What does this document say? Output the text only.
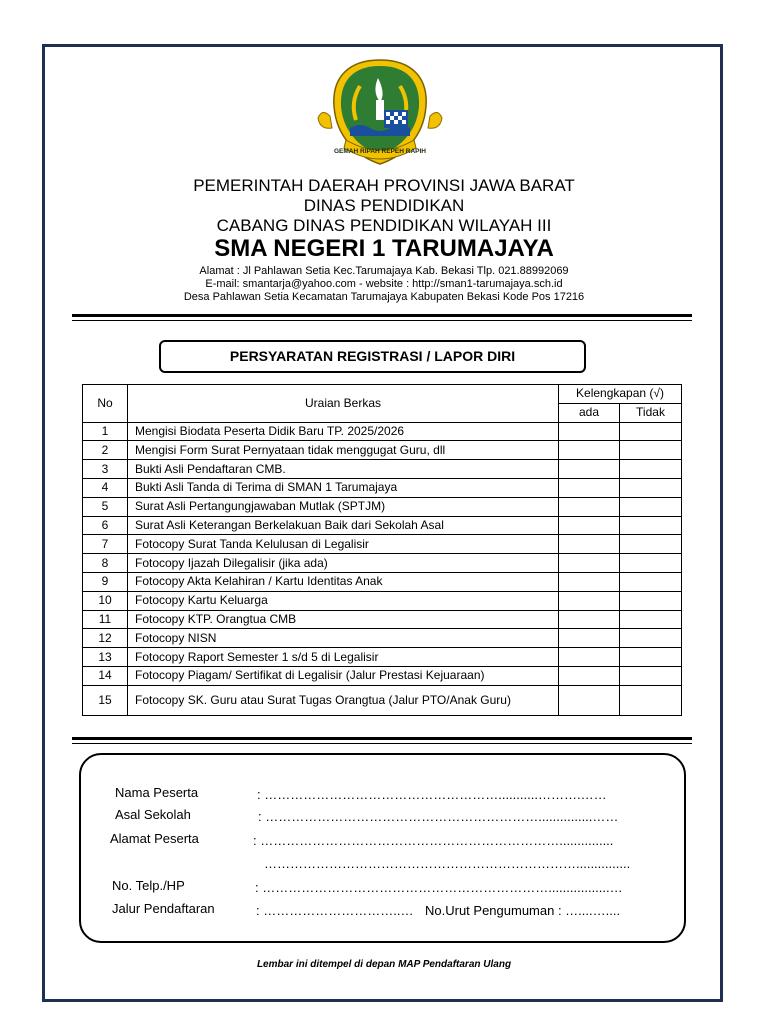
GEMAH RIPAH REPEH RAPIH
PEMERINTAH DAERAH PROVINSI JAWA BARAT
DINAS PENDIDIKAN
CABANG DINAS PENDIDIKAN WILAYAH III
SMA NEGERI 1 TARUMAJAYA
Alamat : Jl Pahlawan Setia Kec.Tarumajaya Kab. Bekasi Tlp. 021.88992069
E-mail: smantarja@yahoo.com - website : http://sman1-tarumajaya.sch.id
Desa Pahlawan Setia Kecamatan Tarumajaya Kabupaten Bekasi Kode Pos 17216
PERSYARATAN REGISTRASI / LAPOR DIRI
No	Uraian Berkas	Kelengkapan (√)	
		ada	Tidak
1	Mengisi Biodata Peserta Didik Baru TP. 2025/2026		
2	Mengisi Form Surat Pernyataan tidak menggugat Guru, dll		
3	Bukti Asli Pendaftaran CMB.		
4	Bukti Asli Tanda di Terima di SMAN 1 Tarumajaya		
5	Surat Asli Pertangungjawaban Mutlak (SPTJM)		
6	Surat Asli Keterangan Berkelakuan Baik dari Sekolah Asal		
7	Fotocopy Surat Tanda Kelulusan di Legalisir		
8	Fotocopy Ijazah Dilegalisir (jika ada)		
9	Fotocopy Akta Kelahiran / Kartu Identitas Anak		
10	Fotocopy Kartu Keluarga		
11	Fotocopy KTP. Orangtua CMB		
12	Fotocopy NISN		
13	Fotocopy Raport Semester 1 s/d 5 di Legalisir		
14	Fotocopy Piagam/ Sertifikat di Legalisir (Jalur Prestasi Kejuaraan)		
15	Fotocopy SK. Guru atau Surat Tugas Orangtua (Jalur PTO/Anak Guru)		
Nama Peserta	: ………………………………………………...........……….……
Asal Sekolah	: ………………………………………………………...............……
Alamat Peserta	: ……………………………………………………………...............
………………………………………………………………...............
No. Telp./HP	: ………………………………………………………….................…
Jalur Pendaftaran	: …………………………..… No.Urut Pengumuman : …....…....
Lembar ini ditempel di depan MAP Pendaftaran Ulang
